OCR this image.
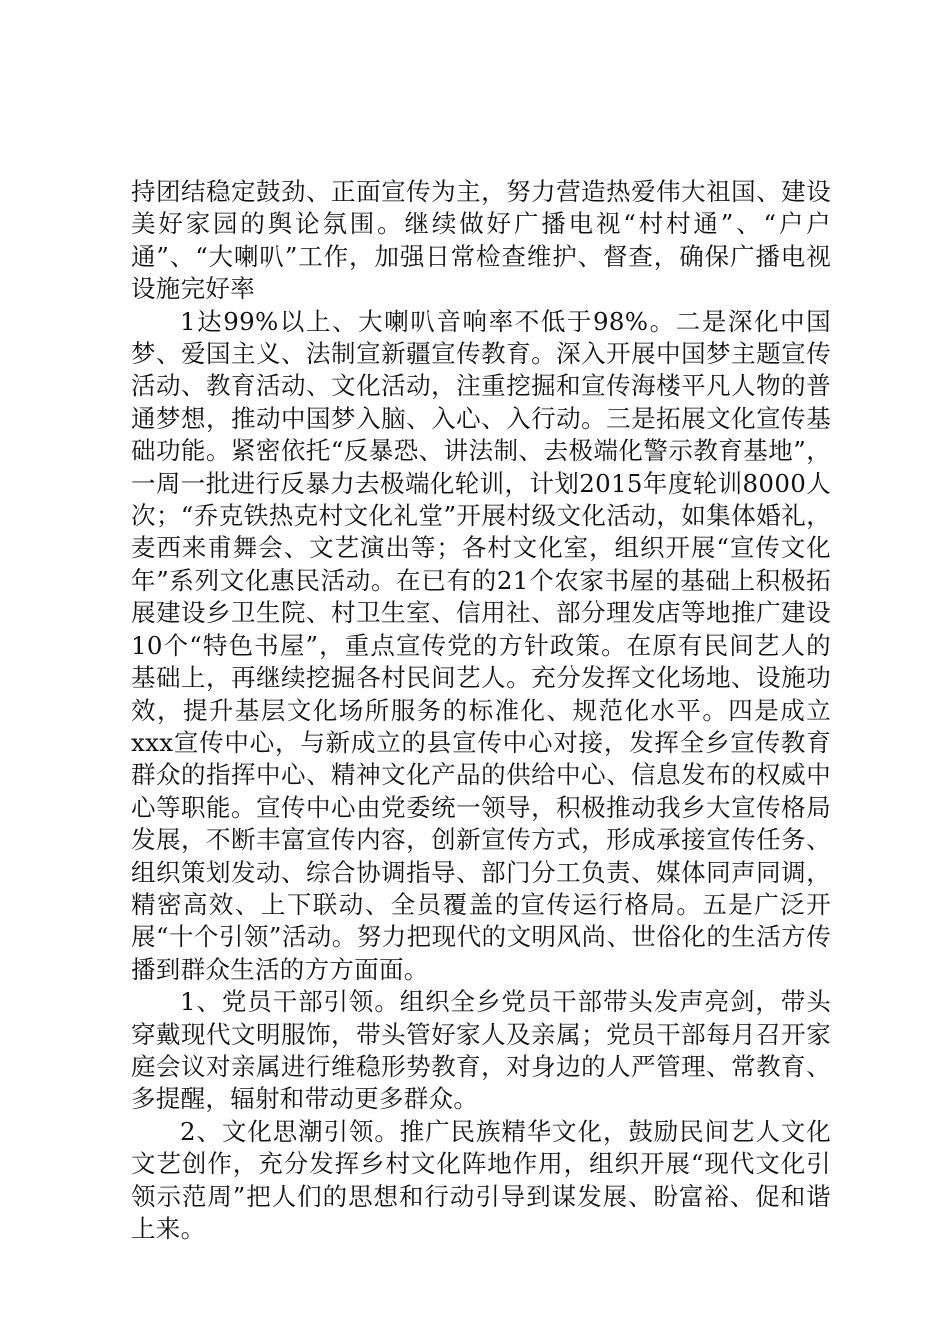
持团结稳定鼓劲、正面宣传为主，努力营造热爱伟大祖国、建设美好家园的舆论氛围。继续做好广播电视“村村通”、“户户通”、“大喇叭”工作，加强日常检查维护、督查，确保广播电视设施完好率

1达99%以上、大喇叭音响率不低于98%。二是深化中国梦、爱国主义、法制宣新疆宣传教育。深入开展中国梦主题宣传活动、教育活动、文化活动，注重挖掘和宣传海楼平凡人物的普通梦想，推动中国梦入脑、入心、入行动。三是拓展文化宣传基础功能。紧密依托“反暴恐、讲法制、去极端化警示教育基地”，一周一批进行反暴力去极端化轮训，计划2015年度轮训8000人次；“乔克铁热克村文化礼堂”开展村级文化活动，如集体婚礼，麦西来甫舞会、文艺演出等；各村文化室，组织开展“宣传文化年”系列文化惠民活动。在已有的21个农家书屋的基础上积极拓展建设乡卫生院、村卫生室、信用社、部分理发店等地推广建设10个“特色书屋”，重点宣传党的方针政策。在原有民间艺人的基础上，再继续挖掘各村民间艺人。充分发挥文化场地、设施功效，提升基层文化场所服务的标准化、规范化水平。四是成立xxx宣传中心，与新成立的县宣传中心对接，发挥全乡宣传教育群众的指挥中心、精神文化产品的供给中心、信息发布的权威中心等职能。宣传中心由党委统一领导，积极推动我乡大宣传格局发展，不断丰富宣传内容，创新宣传方式，形成承接宣传任务、组织策划发动、综合协调指导、部门分工负责、媒体同声同调，精密高效、上下联动、全员覆盖的宣传运行格局。五是广泛开展“十个引领”活动。努力把现代的文明风尚、世俗化的生活方传播到群众生活的方方面面。

1、党员干部引领。组织全乡党员干部带头发声亮剑，带头穿戴现代文明服饰，带头管好家人及亲属；党员干部每月召开家庭会议对亲属进行维稳形势教育，对身边的人严管理、常教育、多提醒，辐射和带动更多群众。

2、文化思潮引领。推广民族精华文化，鼓励民间艺人文化文艺创作，充分发挥乡村文化阵地作用，组织开展“现代文化引领示范周”把人们的思想和行动引导到谋发展、盼富裕、促和谐上来。
